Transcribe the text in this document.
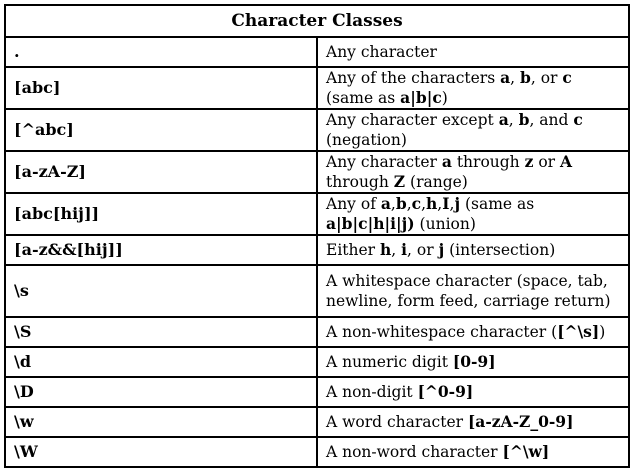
Character Classes	
.	Any character
[abc]	Any of the characters a, b, or c (same as a|b|c)
[^abc]	Any character except a, b, and c (negation)
[a-zA-Z]	Any character a through z or A through Z (range)
[abc[hij]]	Any of a,b,c,h,I,j (same as a|b|c|h|i|j) (union)
[a-z&&[hij]]	Either h, i, or j (intersection)
\s	A whitespace character (space, tab, newline, form feed, carriage return)
\S	A non-whitespace character ([^\s])
\d	A numeric digit [0-9]
\D	A non-digit [^0-9]
\w	A word character [a-zA-Z_0-9]
\W	A non-word character [^\w]
